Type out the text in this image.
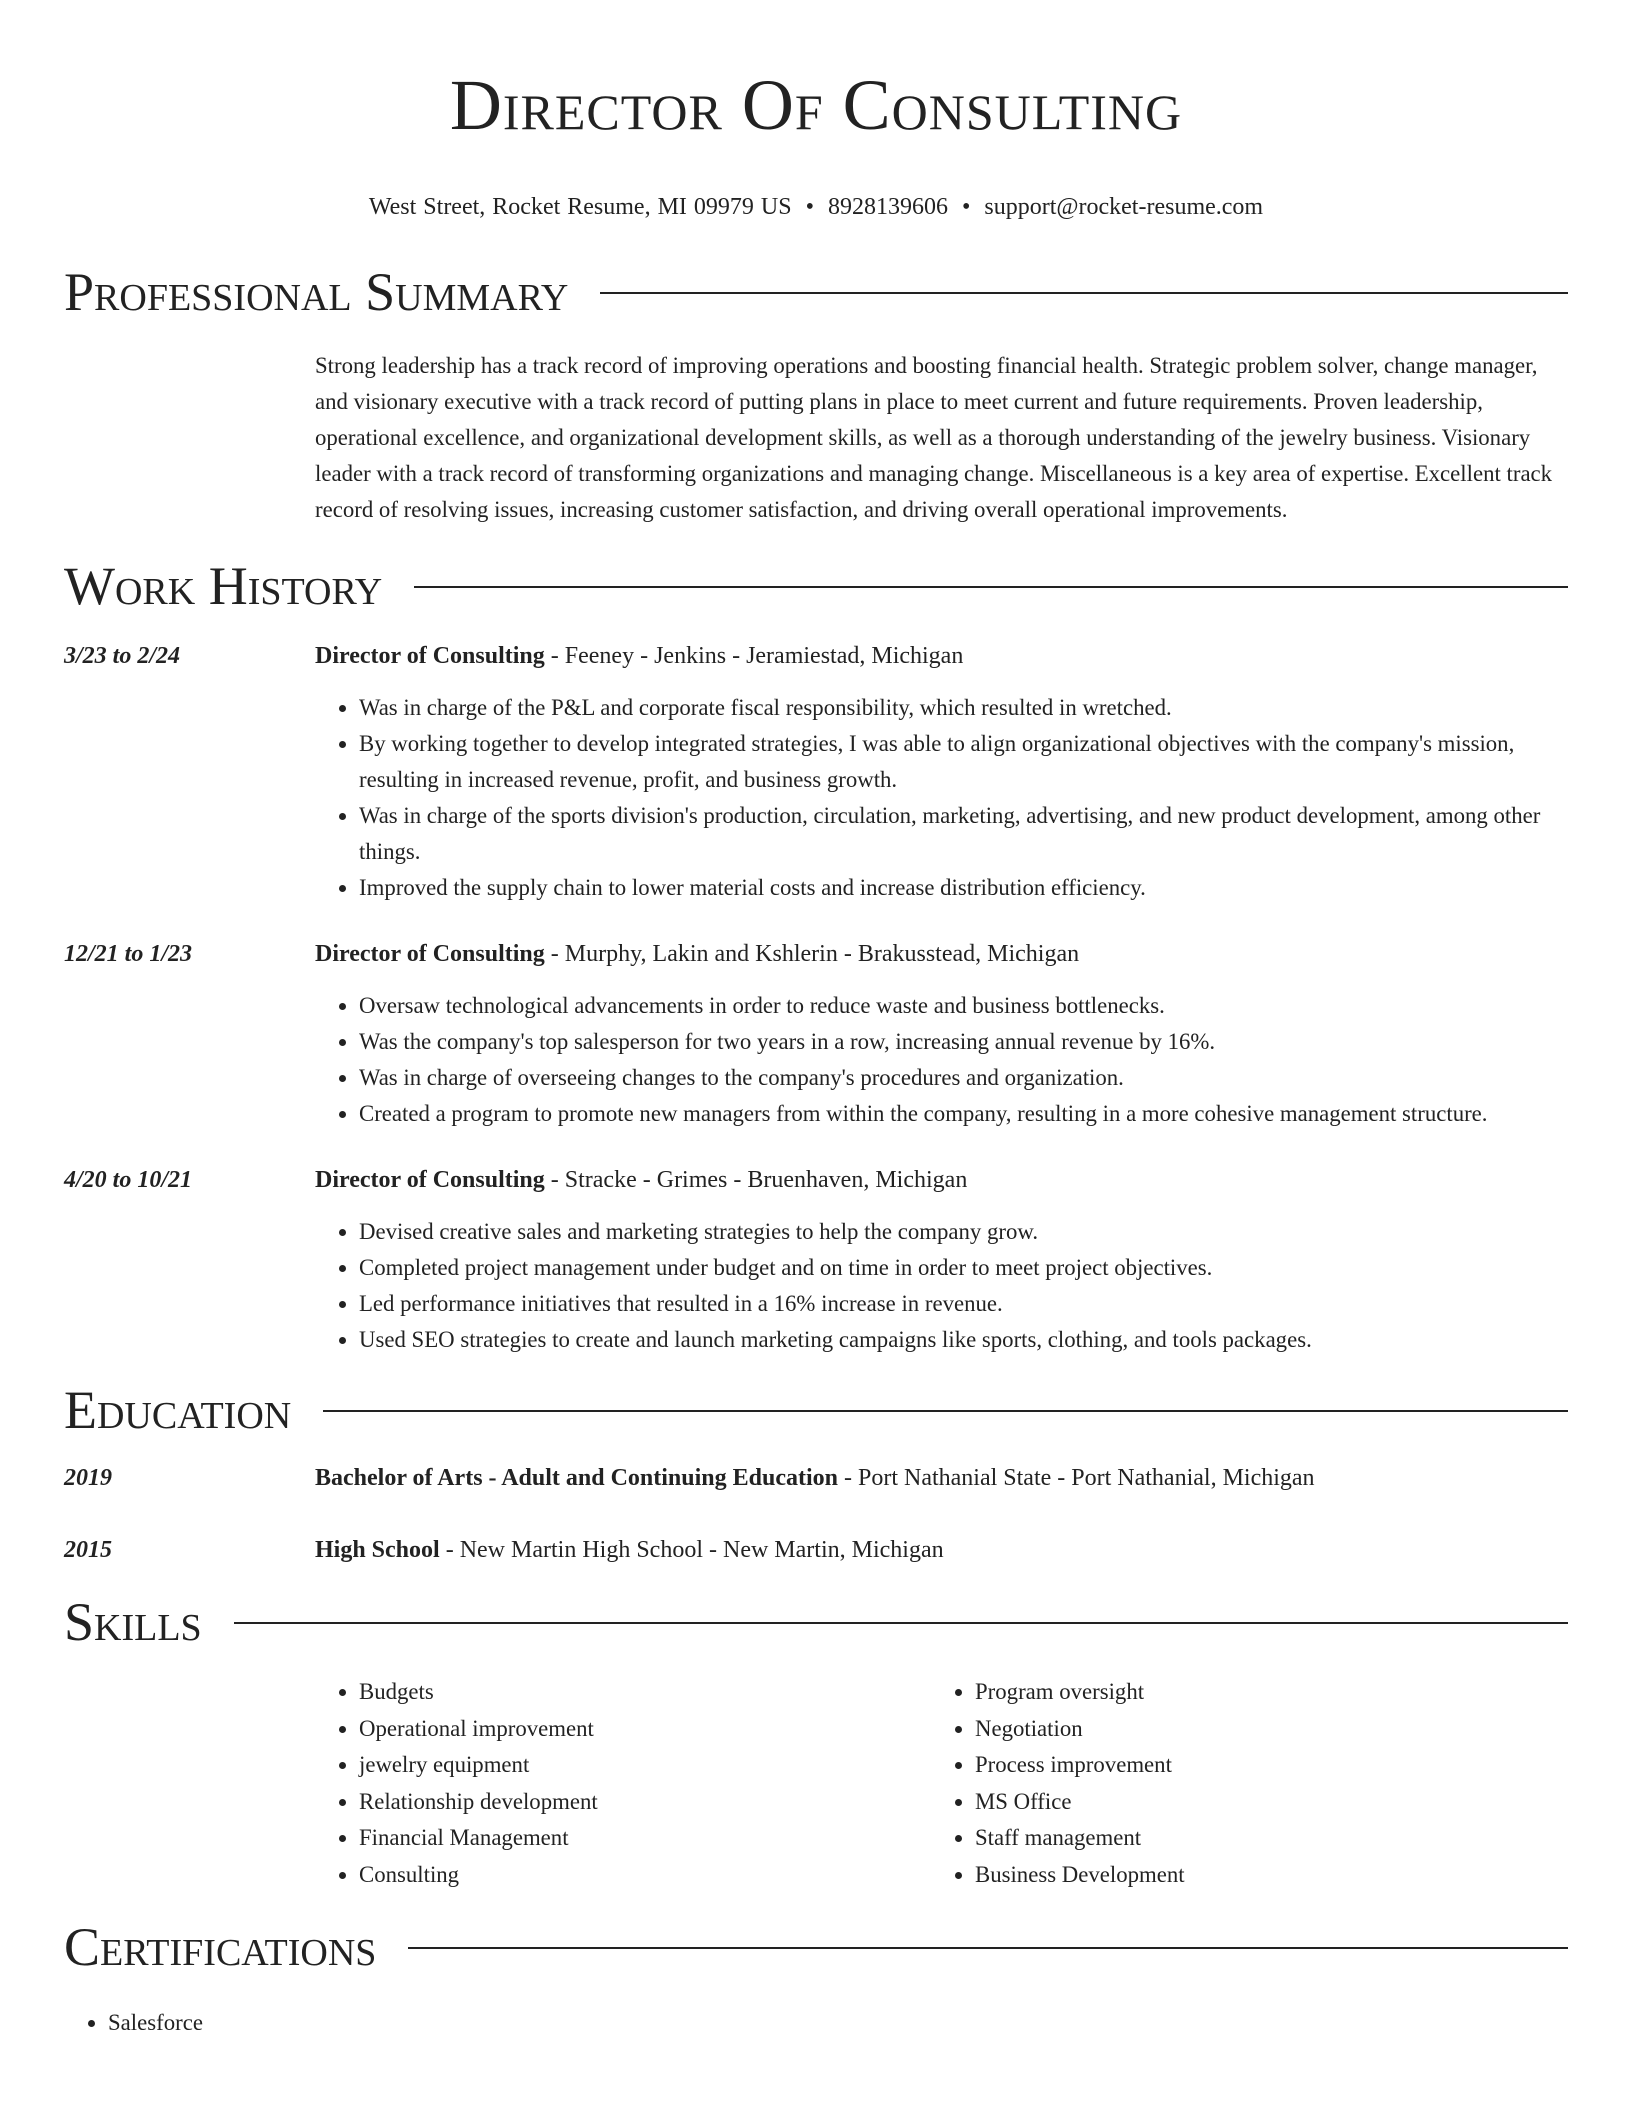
Director Of Consulting
West Street, Rocket Resume, MI 09979 US • 8928139606 • support@rocket-resume.com
Professional Summary
Strong leadership has a track record of improving operations and boosting financial health. Strategic problem solver, change manager, and visionary executive with a track record of putting plans in place to meet current and future requirements. Proven leadership, operational excellence, and organizational development skills, as well as a thorough understanding of the jewelry business. Visionary leader with a track record of transforming organizations and managing change. Miscellaneous is a key area of expertise. Excellent track record of resolving issues, increasing customer satisfaction, and driving overall operational improvements.
Work History
3/23 to 2/24	Director of Consulting - Feeney - Jenkins - Jeramiestad, Michigan
• Was in charge of the P&L and corporate fiscal responsibility, which resulted in wretched.
• By working together to develop integrated strategies, I was able to align organizational objectives with the company's mission, resulting in increased revenue, profit, and business growth.
• Was in charge of the sports division's production, circulation, marketing, advertising, and new product development, among other things.
• Improved the supply chain to lower material costs and increase distribution efficiency.
12/21 to 1/23	Director of Consulting - Murphy, Lakin and Kshlerin - Brakusstead, Michigan
• Oversaw technological advancements in order to reduce waste and business bottlenecks.
• Was the company's top salesperson for two years in a row, increasing annual revenue by 16%.
• Was in charge of overseeing changes to the company's procedures and organization.
• Created a program to promote new managers from within the company, resulting in a more cohesive management structure.
4/20 to 10/21	Director of Consulting - Stracke - Grimes - Bruenhaven, Michigan
• Devised creative sales and marketing strategies to help the company grow.
• Completed project management under budget and on time in order to meet project objectives.
• Led performance initiatives that resulted in a 16% increase in revenue.
• Used SEO strategies to create and launch marketing campaigns like sports, clothing, and tools packages.
Education
2019	Bachelor of Arts - Adult and Continuing Education - Port Nathanial State - Port Nathanial, Michigan
2015	High School - New Martin High School - New Martin, Michigan
Skills
• Budgets
• Operational improvement
• jewelry equipment
• Relationship development
• Financial Management
• Consulting
• Program oversight
• Negotiation
• Process improvement
• MS Office
• Staff management
• Business Development
Certifications
• Salesforce
